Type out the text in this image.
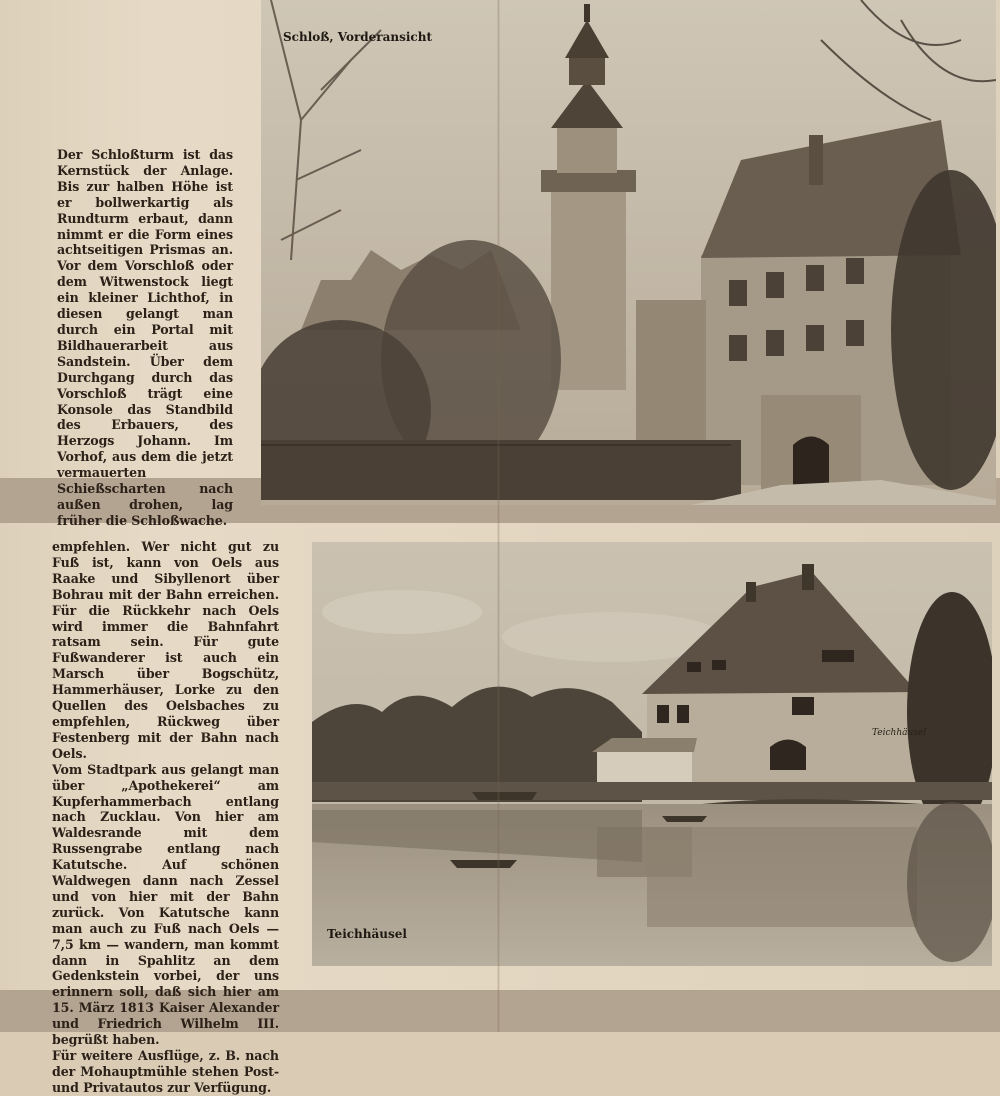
Der Schloßturm ist das Kernstück der Anlage. Bis zur halben Höhe ist er bollwerkartig als Rundturm erbaut, dann nimmt er die Form eines achtseitigen Prismas an. Vor dem Vorschloß oder dem Witwenstock liegt ein kleiner Lichthof, in diesen gelangt man durch ein Portal mit Bildhauerarbeit aus Sandstein. Über dem Durchgang durch das Vorschloß trägt eine Konsole das Standbild des Erbauers, des Herzogs Johann. Im Vorhof, aus dem die jetzt vermauerten Schießscharten nach außen drohen, lag früher die Schloßwache.

empfehlen. Wer nicht gut zu Fuß ist, kann von Oels aus Raake und Sibyllenort über Bohrau mit der Bahn erreichen. Für die Rückkehr nach Oels wird immer die Bahnfahrt ratsam sein. Für gute Fußwanderer ist auch ein Marsch über Bogschütz, Hammerhäuser, Lorke zu den Quellen des Oelsbaches zu empfehlen, Rückweg über Festenberg mit der Bahn nach Oels.

Vom Stadtpark aus gelangt man über „Apothekerei“ am Kupferhammerbach entlang nach Zucklau. Von hier am Waldesrande mit dem Russengrabe entlang nach Katutsche. Auf schönen Waldwegen dann nach Zessel und von hier mit der Bahn zurück. Von Katutsche kann man auch zu Fuß nach Oels — 7,5 km — wandern, man kommt dann in Spahlitz an dem Gedenkstein vorbei, der uns erinnern soll, daß sich hier am 15. März 1813 Kaiser Alexander und Friedrich Wilhelm III. begrüßt haben.

Für weitere Ausflüge, z. B. nach der Mohauptmühle stehen Post- und Privatautos zur Verfügung.

Schloß, Vorderansicht
Teichhäusel
Teichhäusel
